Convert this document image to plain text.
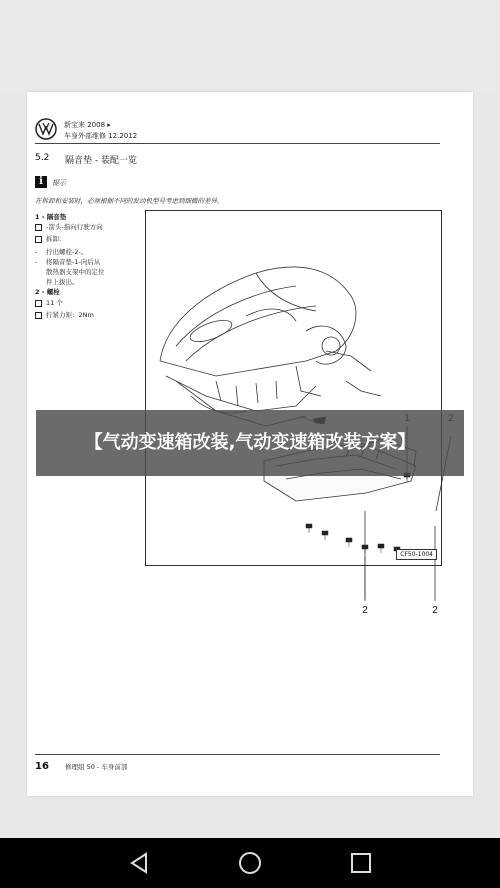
新宝来 2008 ▸
车身外部维修 12.2012
5.2 隔音垫 - 装配一览
i	提示
在拆卸和安装时，必须根据不同的发动机型号考虑到细微的差异。
1 - 隔音垫
-箭头-指向行驶方向
拆卸：
-	拧出螺栓-2-。
-	将隔音垫-1-向后从
散热器支架中的定位
件上拔出。
2 - 螺栓
11 个
拧紧力矩：2Nm
2	2
CF50-1004
16 修理组 50 - 车身前部
【气动变速箱改装,气动变速箱改装方案】
